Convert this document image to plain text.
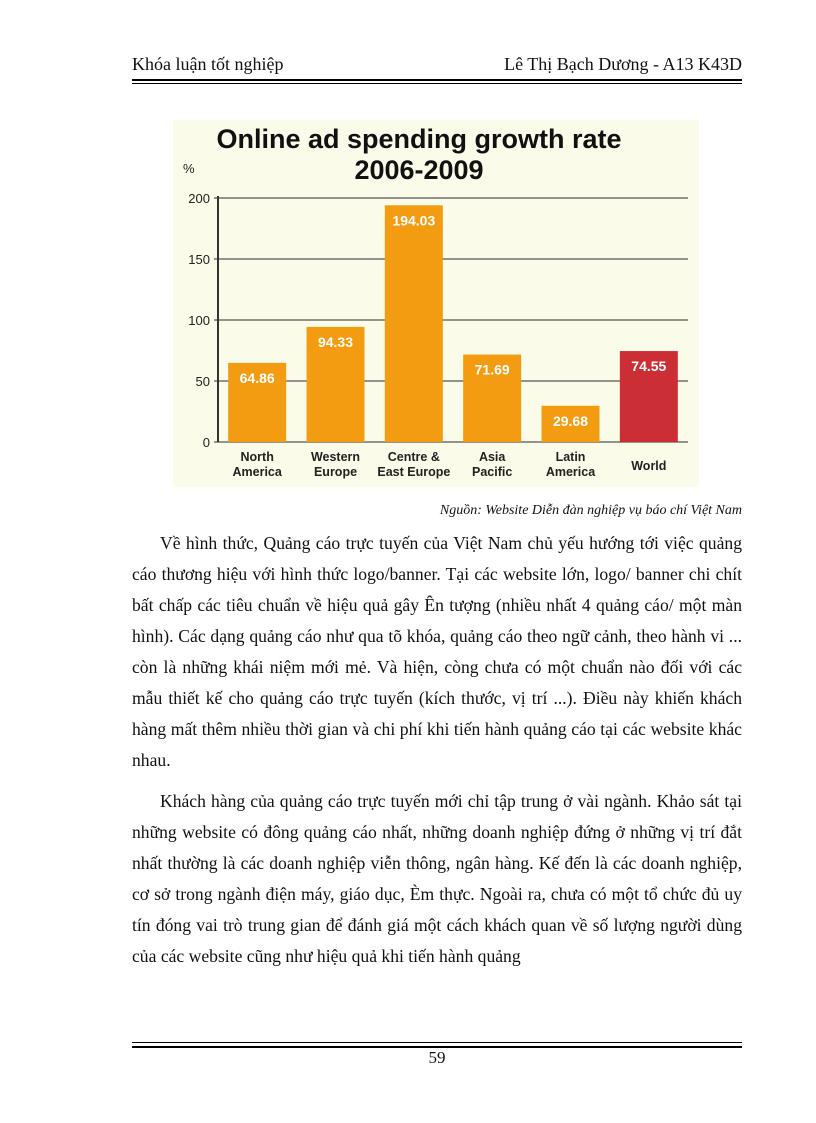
Khóa luận tốt nghiệp	Lê Thị Bạch Dương - A13 K43D
Online ad spending growth rate
2006-2009
%
0
50
100
150
200
64.86
North
America
94.33
Western
Europe
194.03
Centre &
East Europe
71.69
Asia
Pacific
29.68
Latin
America
74.55
World
Nguồn: Website Diễn đàn nghiệp vụ báo chí Việt Nam

Về hình thức, Quảng cáo trực tuyến của Việt Nam chủ yếu hướng tới việc quảng cáo thương hiệu với hình thức logo/banner. Tại các website lớn, logo/ banner chi chít bất chấp các tiêu chuẩn về hiệu quả gây Ên tượng (nhiều nhất 4 quảng cáo/ một màn hình). Các dạng quảng cáo như qua tõ khóa, quảng cáo theo ngữ cảnh, theo hành vi ... còn là những khái niệm mới mẻ. Và hiện, còng chưa có một chuẩn nào đối với các mẫu thiết kế cho quảng cáo trực tuyến (kích thước, vị trí ...). Điều này khiến khách hàng mất thêm nhiều thời gian và chi phí khi tiến hành quảng cáo tại các website khác nhau.

Khách hàng của quảng cáo trực tuyến mới chỉ tập trung ở vài ngành. Khảo sát tại những website có đông quảng cáo nhất, những doanh nghiệp đứng ở những vị trí đắt nhất thường là các doanh nghiệp viễn thông, ngân hàng. Kế đến là các doanh nghiệp, cơ sở trong ngành điện máy, giáo dục, Èm thực. Ngoài ra, chưa có một tổ chức đủ uy tín đóng vai trò trung gian để đánh giá một cách khách quan về số lượng người dùng của các website cũng như hiệu quả khi tiến hành quảng

59
